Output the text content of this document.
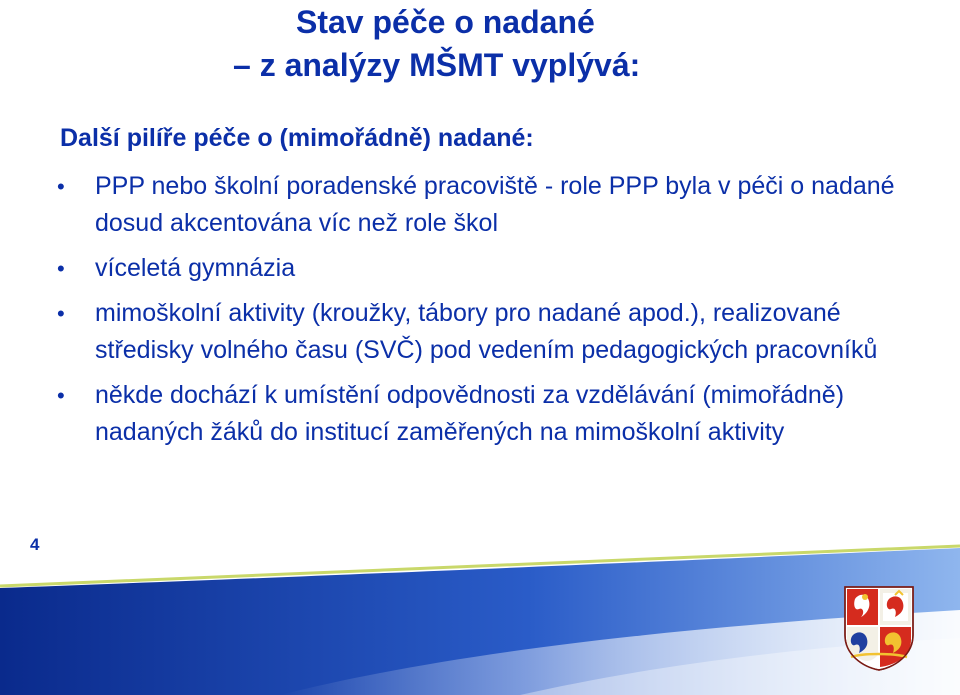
Stav péče o nadané
– z analýzy MŠMT vyplývá:
Další pilíře péče o (mimořádně) nadané:
•	PPP nebo školní poradenské pracoviště - role PPP byla v péči o nadané dosud akcentována víc než role škol
•	víceletá gymnázia
•	mimoškolní aktivity (kroužky, tábory pro nadané apod.), realizované středisky volného času (SVČ) pod vedením pedagogických pracovníků
•	někde dochází k umístění odpovědnosti za vzdělávání (mimořádně) nadaných žáků do institucí zaměřených na mimoškolní aktivity
4
